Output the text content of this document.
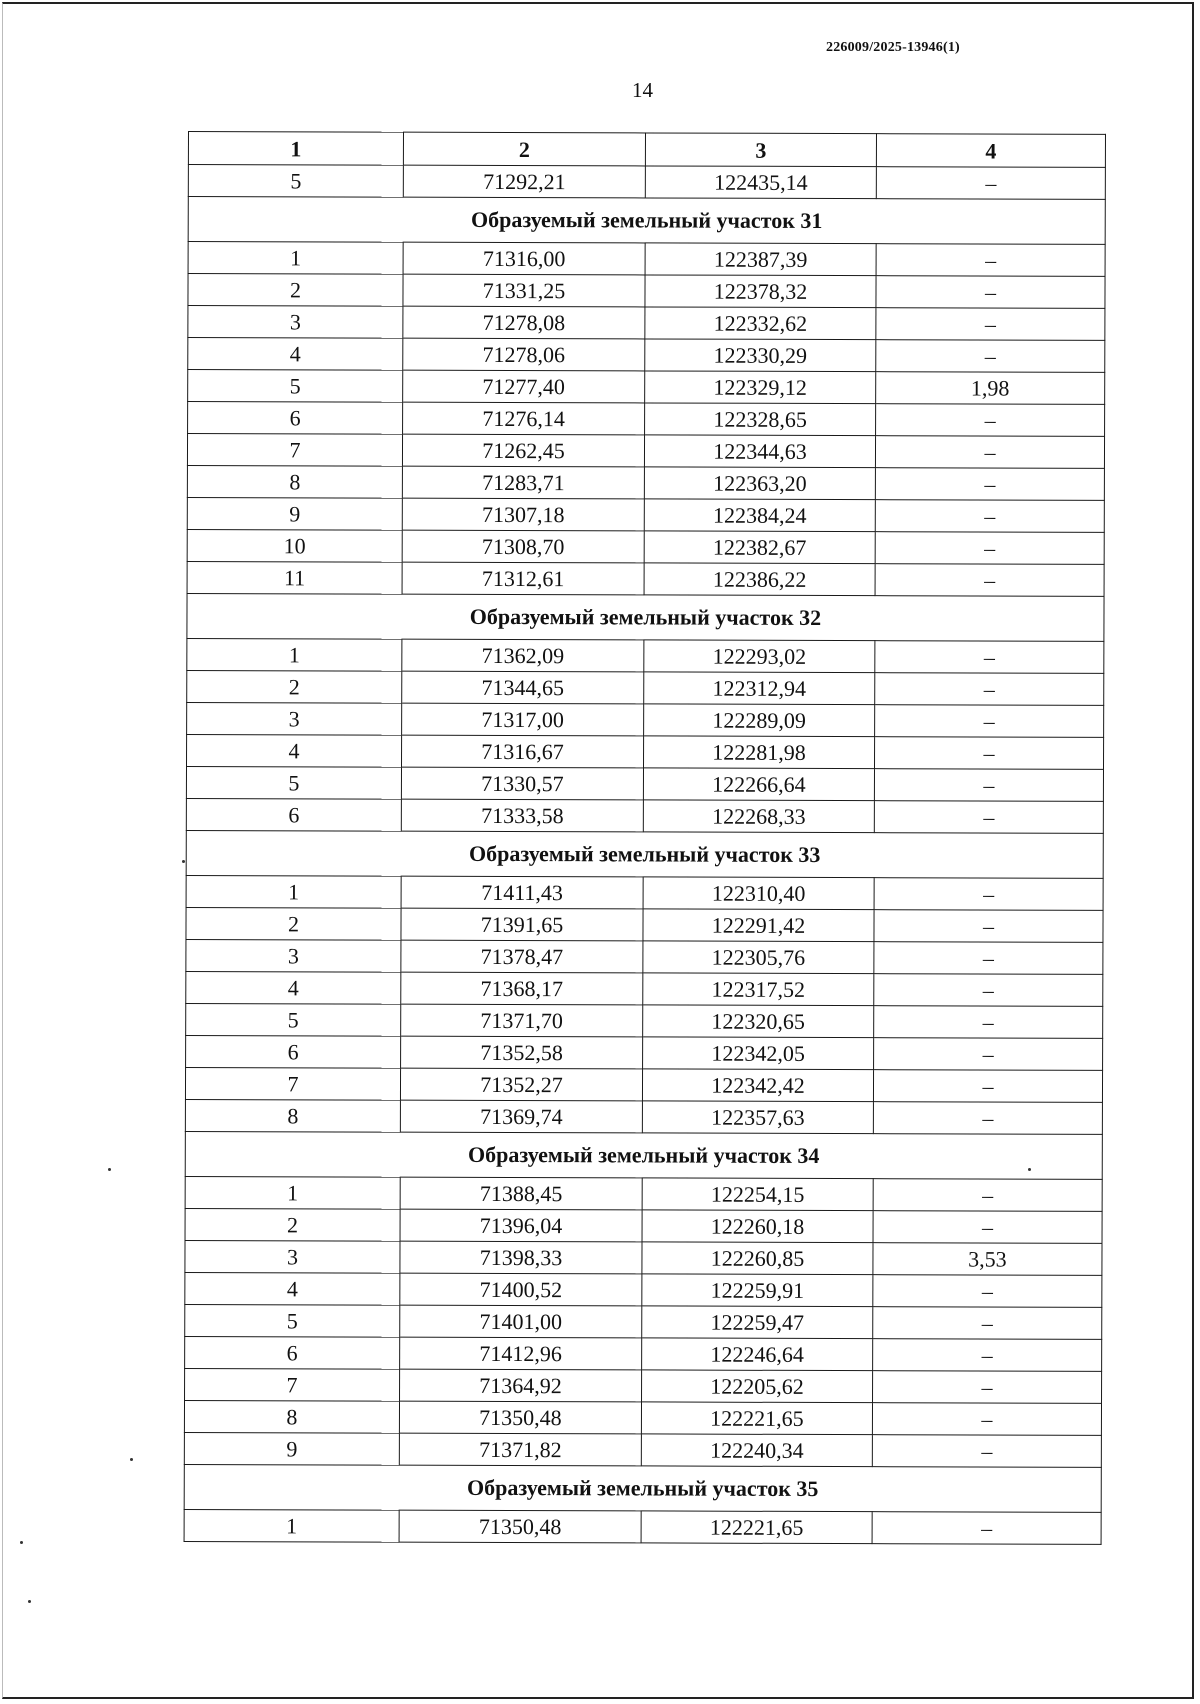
226009/2025-13946(1)
14
1	2	3	4
5	71292,21	122435,14	–
Образуемый земельный участок 31			
1	71316,00	122387,39	–
2	71331,25	122378,32	–
3	71278,08	122332,62	–
4	71278,06	122330,29	–
5	71277,40	122329,12	1,98
6	71276,14	122328,65	–
7	71262,45	122344,63	–
8	71283,71	122363,20	–
9	71307,18	122384,24	–
10	71308,70	122382,67	–
11	71312,61	122386,22	–
Образуемый земельный участок 32			
1	71362,09	122293,02	–
2	71344,65	122312,94	–
3	71317,00	122289,09	–
4	71316,67	122281,98	–
5	71330,57	122266,64	–
6	71333,58	122268,33	–
Образуемый земельный участок 33			
1	71411,43	122310,40	–
2	71391,65	122291,42	–
3	71378,47	122305,76	–
4	71368,17	122317,52	–
5	71371,70	122320,65	–
6	71352,58	122342,05	–
7	71352,27	122342,42	–
8	71369,74	122357,63	–
Образуемый земельный участок 34			
1	71388,45	122254,15	–
2	71396,04	122260,18	–
3	71398,33	122260,85	3,53
4	71400,52	122259,91	–
5	71401,00	122259,47	–
6	71412,96	122246,64	–
7	71364,92	122205,62	–
8	71350,48	122221,65	–
9	71371,82	122240,34	–
Образуемый земельный участок 35			
1	71350,48	122221,65	–
